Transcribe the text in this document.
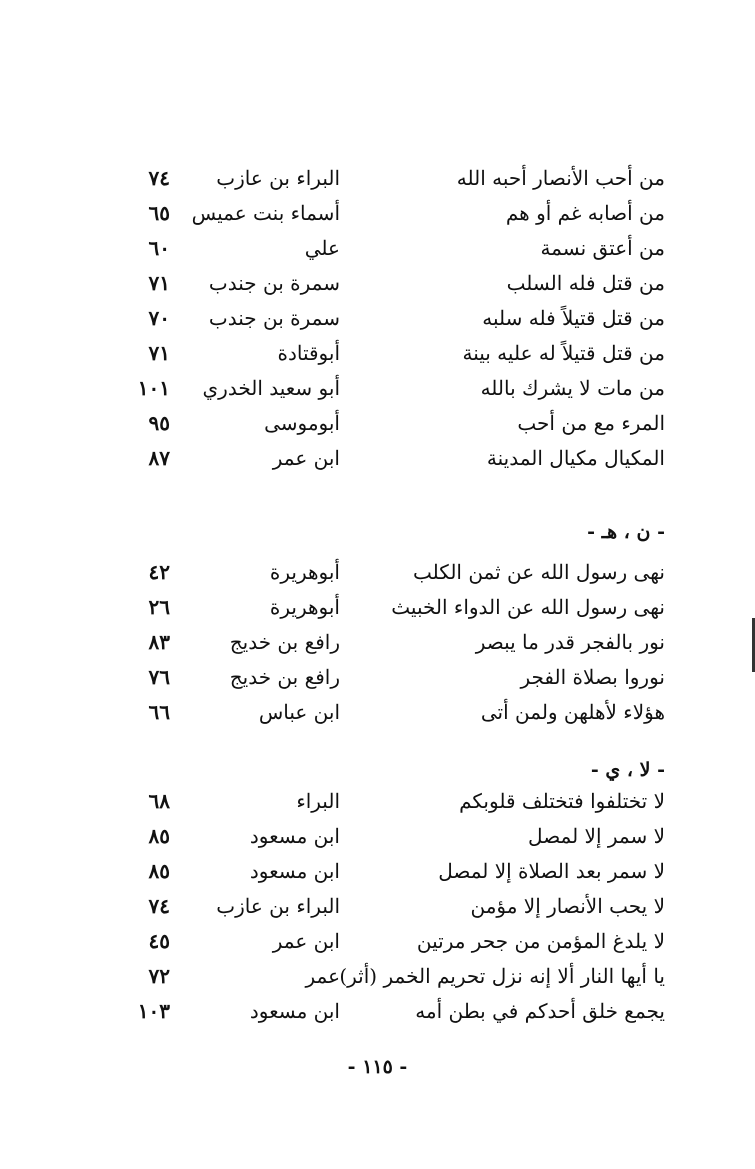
من أحب الأنصار أحبه الله
البراء بن عازب
٧٤
من أصابه غم أو هم
أسماء بنت عميس
٦٥
من أعتق نسمة
علي
٦٠
من قتل فله السلب
سمرة بن جندب
٧١
من قتل قتيلاً فله سلبه
سمرة بن جندب
٧٠
من قتل قتيلاً له عليه بينة
أبوقتادة
٧١
من مات لا يشرك بالله
أبو سعيد الخدري
١٠١
المرء مع من أحب
أبوموسى
٩٥
المكيال مكيال المدينة
ابن عمر
٨٧
- ن ، هـ -
نهى رسول الله عن ثمن الكلب
أبوهريرة
٤٢
نهى رسول الله عن الدواء الخبيث
أبوهريرة
٢٦
نور بالفجر قدر ما يبصر
رافع بن خديج
٨٣
نوروا بصلاة الفجر
رافع بن خديج
٧٦
هؤلاء لأهلهن ولمن أتى
ابن عباس
٦٦
- لا ، ي -
لا تختلفوا فتختلف قلوبكم
البراء
٦٨
لا سمر إلا لمصل
ابن مسعود
٨٥
لا سمر بعد الصلاة إلا لمصل
ابن مسعود
٨٥
لا يحب الأنصار إلا مؤمن
البراء بن عازب
٧٤
لا يلدغ المؤمن من جحر مرتين
ابن عمر
٤٥
يا أيها النار ألا إنه نزل تحريم الخمر (أثر)
عمر
٧٢
يجمع خلق أحدكم في بطن أمه
ابن مسعود
١٠٣
- ١١٥ -
